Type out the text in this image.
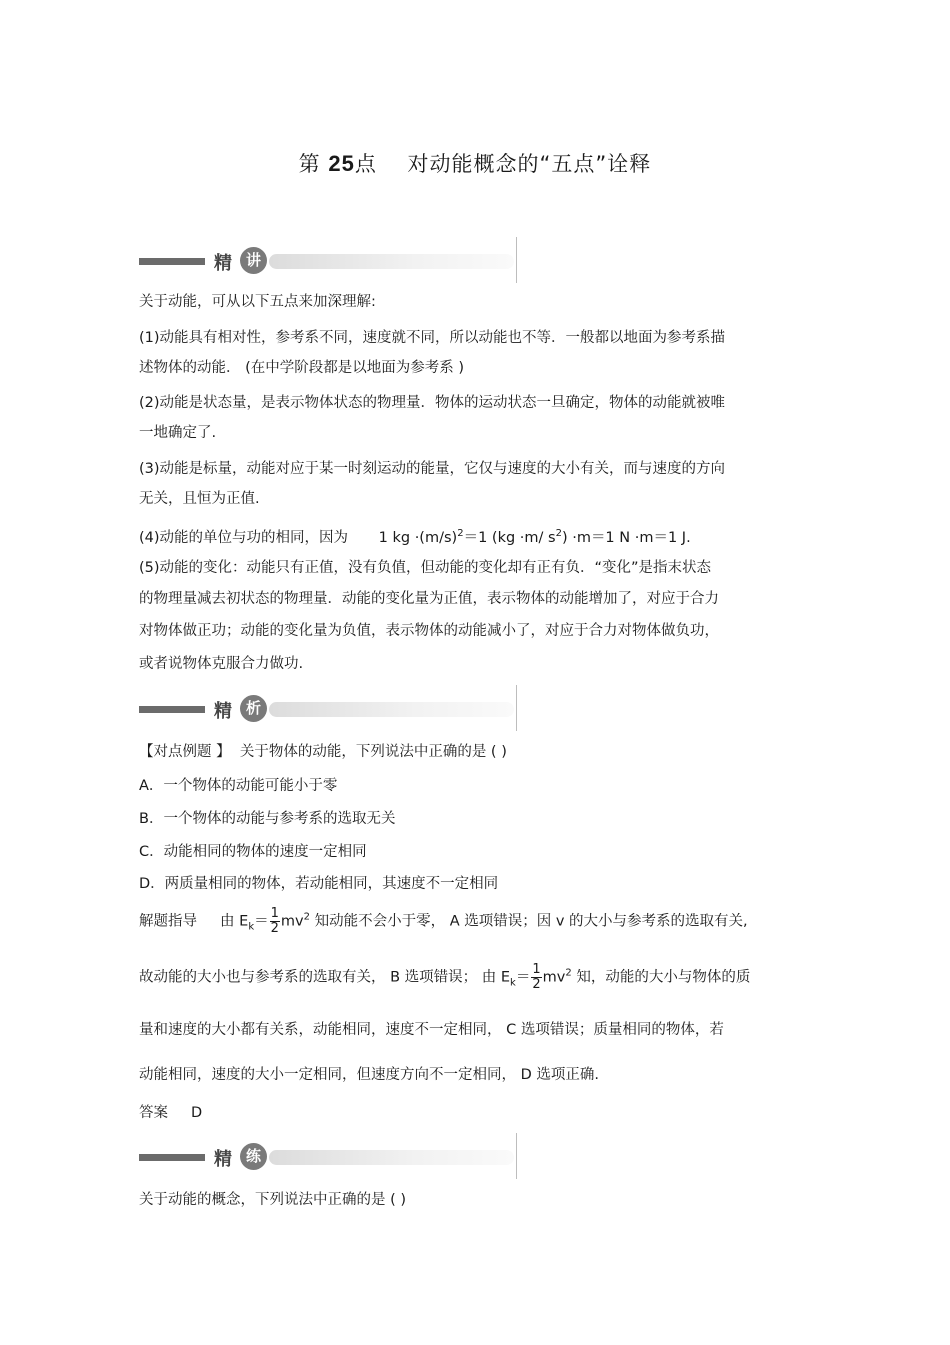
第 25点 对动能概念的“五点”诠释
精 讲
关于动能，可从以下五点来加深理解:
(1)动能具有相对性，参考系不同，速度就不同，所以动能也不等．一般都以地面为参考系描
述物体的动能． (在中学阶段都是以地面为参考系 )
(2)动能是状态量，是表示物体状态的物理量．物体的运动状态一旦确定，物体的动能就被唯
一地确定了.
(3)动能是标量，动能对应于某一时刻运动的能量，它仅与速度的大小有关，而与速度的方向
无关，且恒为正值.
(4)动能的单位与功的相同，因为 1 kg $\cdot(m/s)^2=1$ (kg ·m/ $s^2) \cdot m=1$ N ·m＝1 J.
(5)动能的变化：动能只有正值，没有负值，但动能的变化却有正有负．“变化”是指末状态
的物理量减去初状态的物理量．动能的变化量为正值，表示物体的动能增加了，对应于合力
对物体做正功；动能的变化量为负值，表示物体的动能减小了，对应于合力对物体做负功，
或者说物体克服合力做功.
精 析
【对点例题 】 关于物体的动能，下列说法中正确的是 ( )
A．一个物体的动能可能小于零
B．一个物体的动能与参考系的选取无关
C．动能相同的物体的速度一定相同
D．两质量相同的物体，若动能相同，其速度不一定相同
解题指导 由 $E_k= \frac{1}{2} mv^2$ 知动能不会小于零， A 选项错误；因 v 的大小与参考系的选取有关,
故动能的大小也与参考系的选取有关， B 选项错误； 由 $E_k= \frac{1}{2} mv^2$ 知，动能的大小与物体的质
量和速度的大小都有关系，动能相同，速度不一定相同， C 选项错误；质量相同的物体，若
动能相同，速度的大小一定相同，但速度方向不一定相同， D 选项正确.
答案 D
精 练
关于动能的概念，下列说法中正确的是 ( )
